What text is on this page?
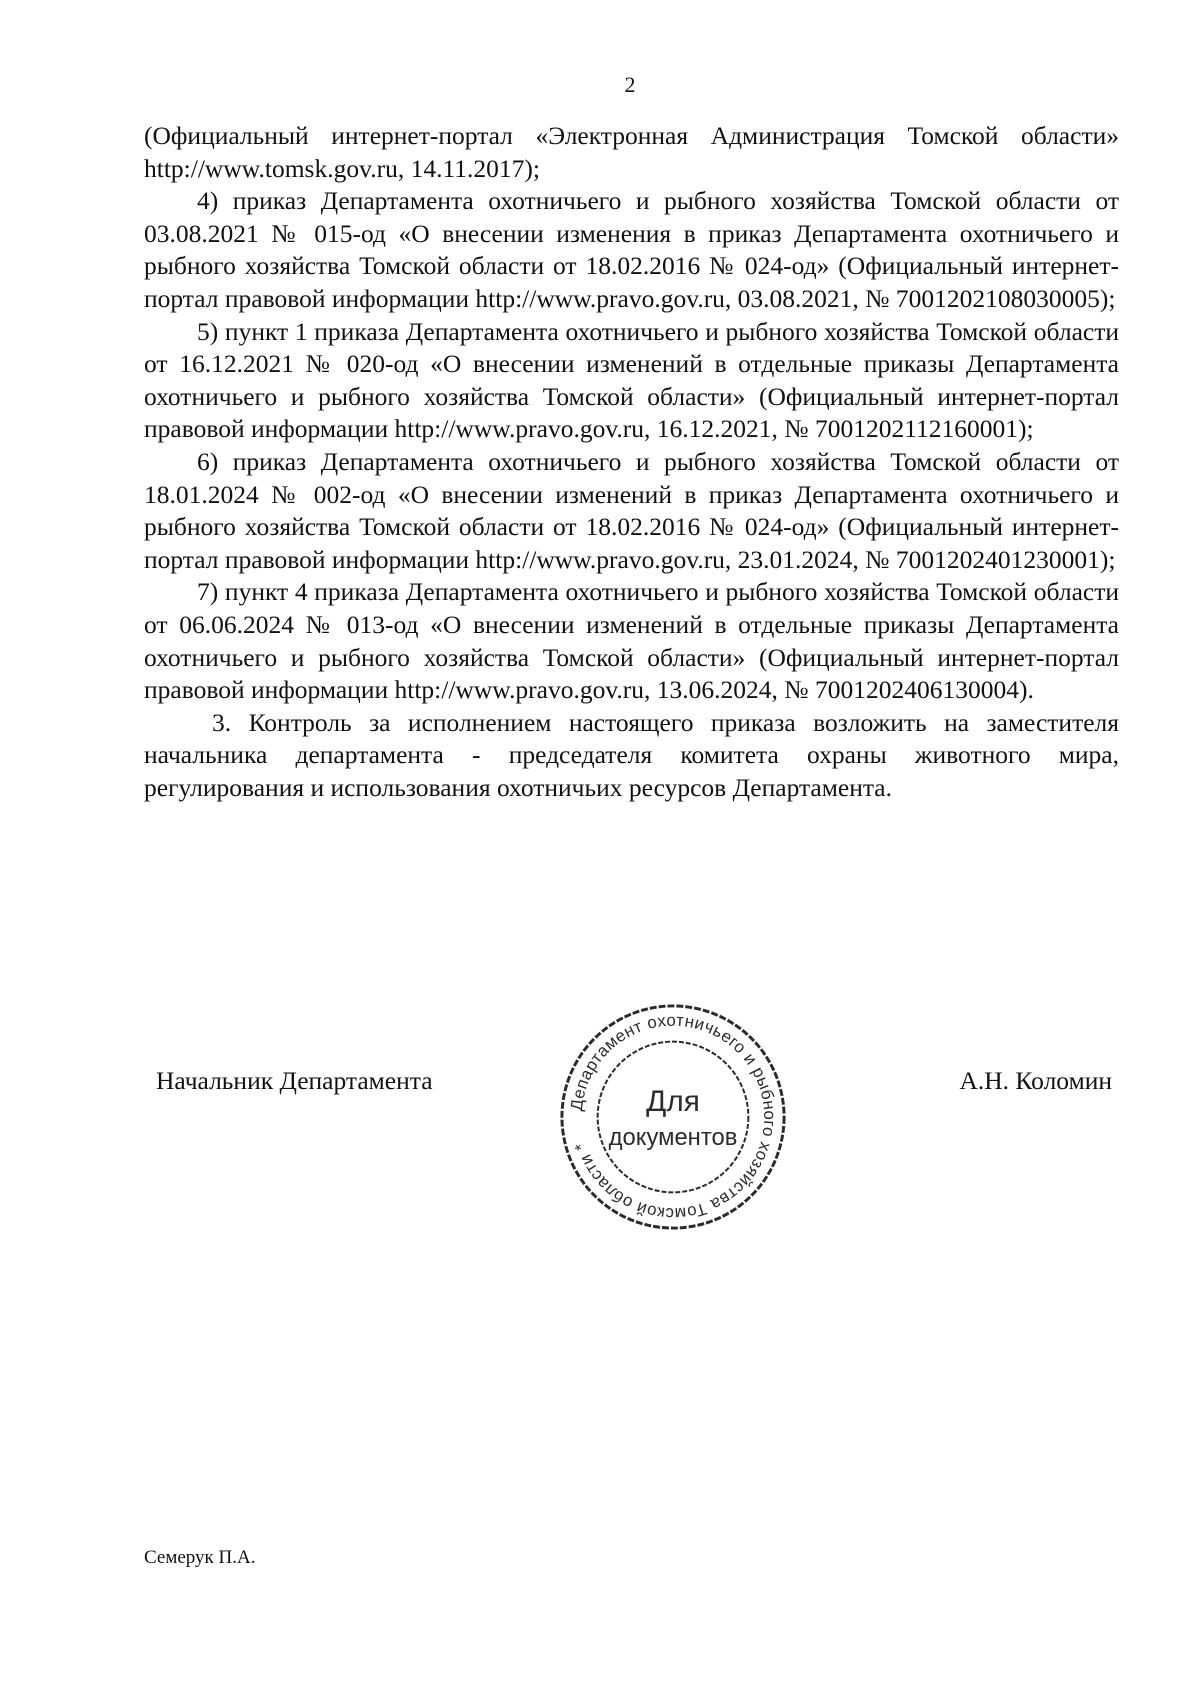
2

(Официальный интернет-портал «Электронная Администрация Томской области» http://www.tomsk.gov.ru, 14.11.2017);

4) приказ Департамента охотничьего и рыбного хозяйства Томской области от 03.08.2021 № 015-од «О внесении изменения в приказ Департамента охотничьего и рыбного хозяйства Томской области от 18.02.2016 № 024-од» (Официальный интернет-портал правовой информации http://www.pravo.gov.ru, 03.08.2021, № 7001202108030005);

5) пункт 1 приказа Департамента охотничьего и рыбного хозяйства Томской области от 16.12.2021 № 020-од «О внесении изменений в отдельные приказы Департамента охотничьего и рыбного хозяйства Томской области» (Официальный интернет-портал правовой информации http://www.pravo.gov.ru, 16.12.2021, № 7001202112160001);

6) приказ Департамента охотничьего и рыбного хозяйства Томской области от 18.01.2024 № 002-од «О внесении изменений в приказ Департамента охотничьего и рыбного хозяйства Томской области от 18.02.2016 № 024-од» (Официальный интернет-портал правовой информации http://www.pravo.gov.ru, 23.01.2024, № 7001202401230001);

7) пункт 4 приказа Департамента охотничьего и рыбного хозяйства Томской области от 06.06.2024 № 013-од «О внесении изменений в отдельные приказы Департамента охотничьего и рыбного хозяйства Томской области» (Официальный интернет-портал правовой информации http://www.pravo.gov.ru, 13.06.2024, № 7001202406130004).

3. Контроль за исполнением настоящего приказа возложить на заместителя начальника департамента - председателя комитета охраны животного мира, регулирования и использования охотничьих ресурсов Департамента.

Начальник Департамента	А.Н. Коломин
Департамент охотничьего и рыбного хозяйства Томской области *
Для
документов
Семерук П.А.
